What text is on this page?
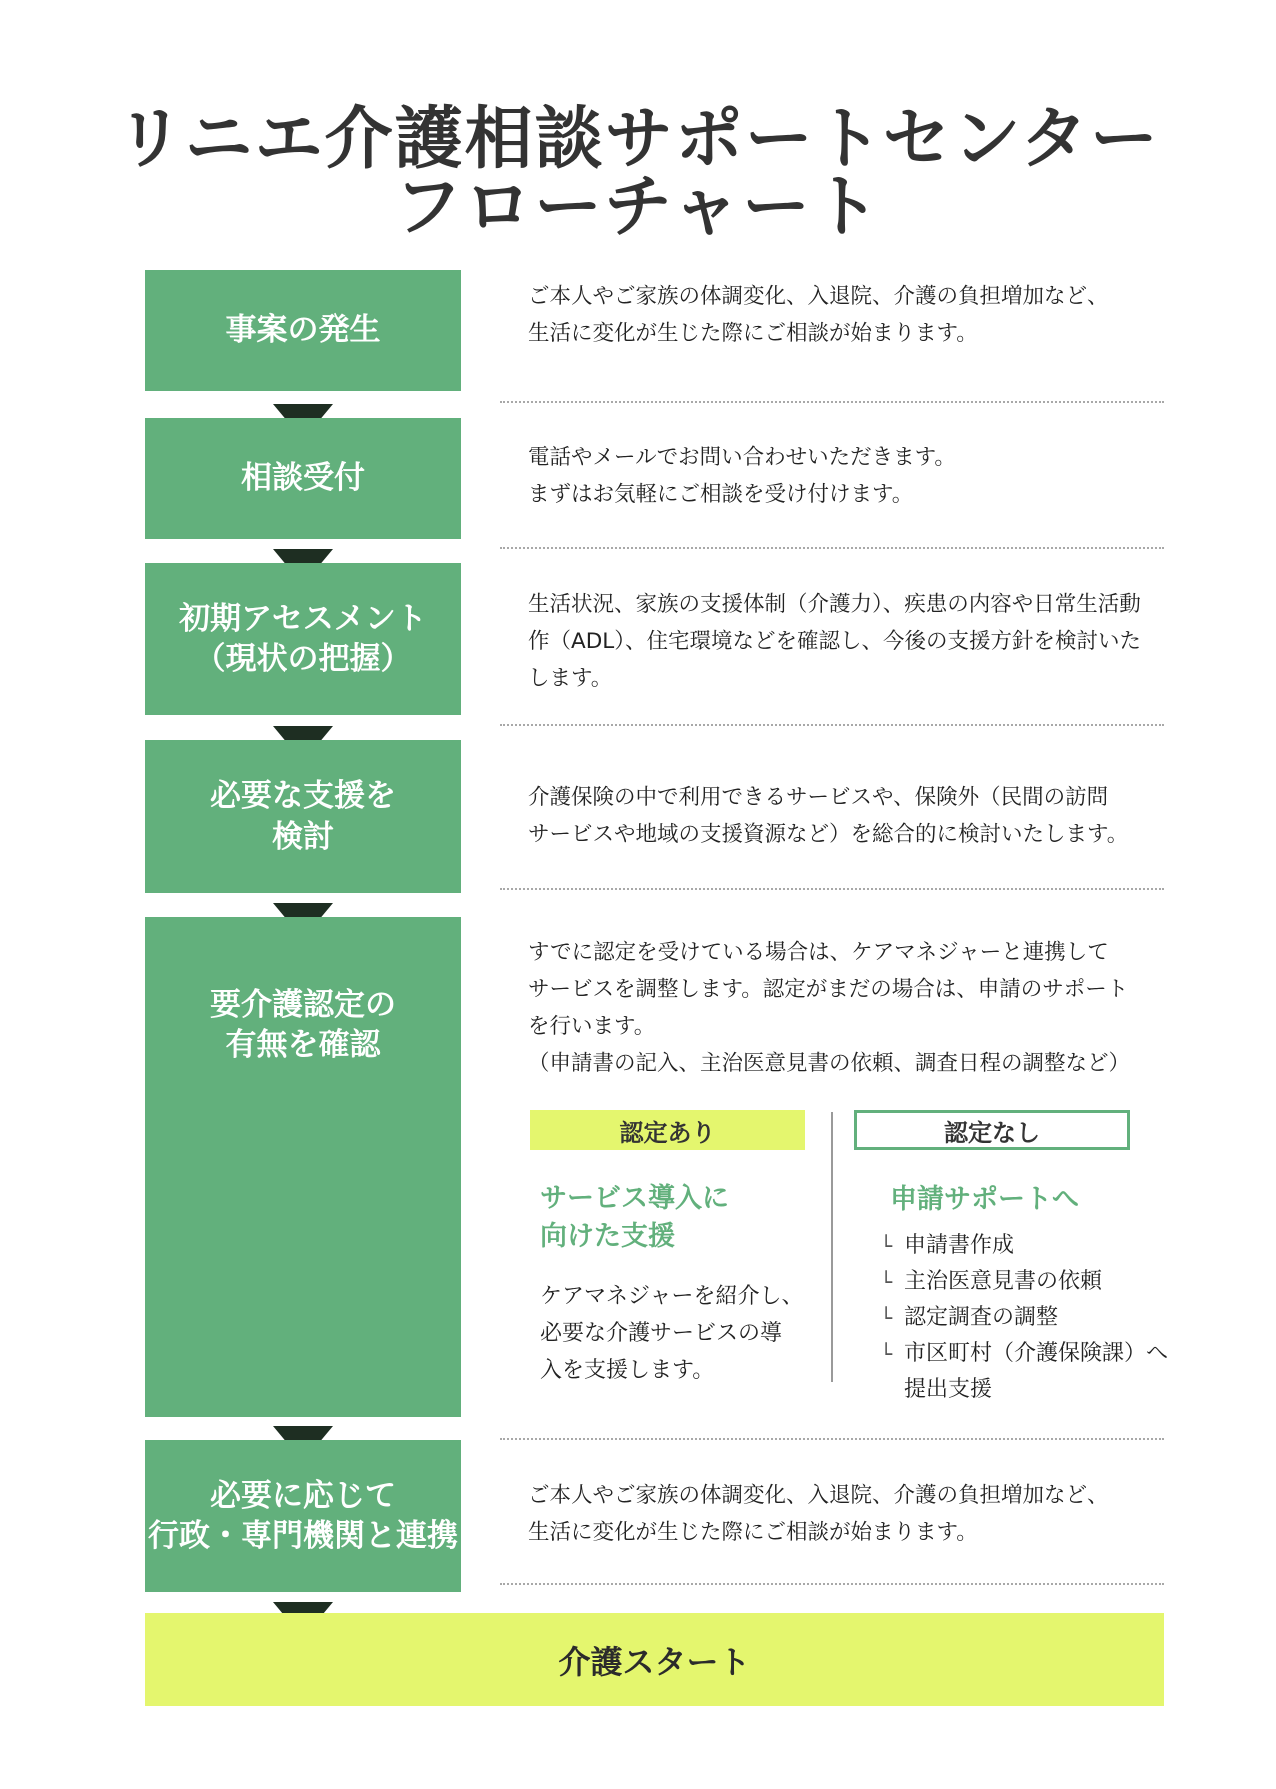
リニエ介護相談サポートセンター
フローチャート
事案の発生
ご本人やご家族の体調変化、入退院、介護の負担増加など、
生活に変化が生じた際にご相談が始まります。
相談受付
電話やメールでお問い合わせいただきます。
まずはお気軽にご相談を受け付けます。
初期アセスメント
（現状の把握）
生活状況、家族の支援体制（介護力）、疾患の内容や日常生活動
作（ADL）、住宅環境などを確認し、今後の支援方針を検討いた
します。
必要な支援を
検討
介護保険の中で利用できるサービスや、保険外（民間の訪問
サービスや地域の支援資源など）を総合的に検討いたします。
要介護認定の
有無を確認
すでに認定を受けている場合は、ケアマネジャーと連携して
サービスを調整します。認定がまだの場合は、申請のサポート
を行います。
（申請書の記入、主治医意見書の依頼、調査日程の調整など）
認定あり
サービス導入に
向けた支援
ケアマネジャーを紹介し、
必要な介護サービスの導
入を支援します。
認定なし
申請サポートへ
└ 申請書作成
└ 主治医意見書の依頼
└ 認定調査の調整
└ 市区町村（介護保険課）へ
提出支援
必要に応じて
行政・専門機関と連携
ご本人やご家族の体調変化、入退院、介護の負担増加など、
生活に変化が生じた際にご相談が始まります。
介護スタート
